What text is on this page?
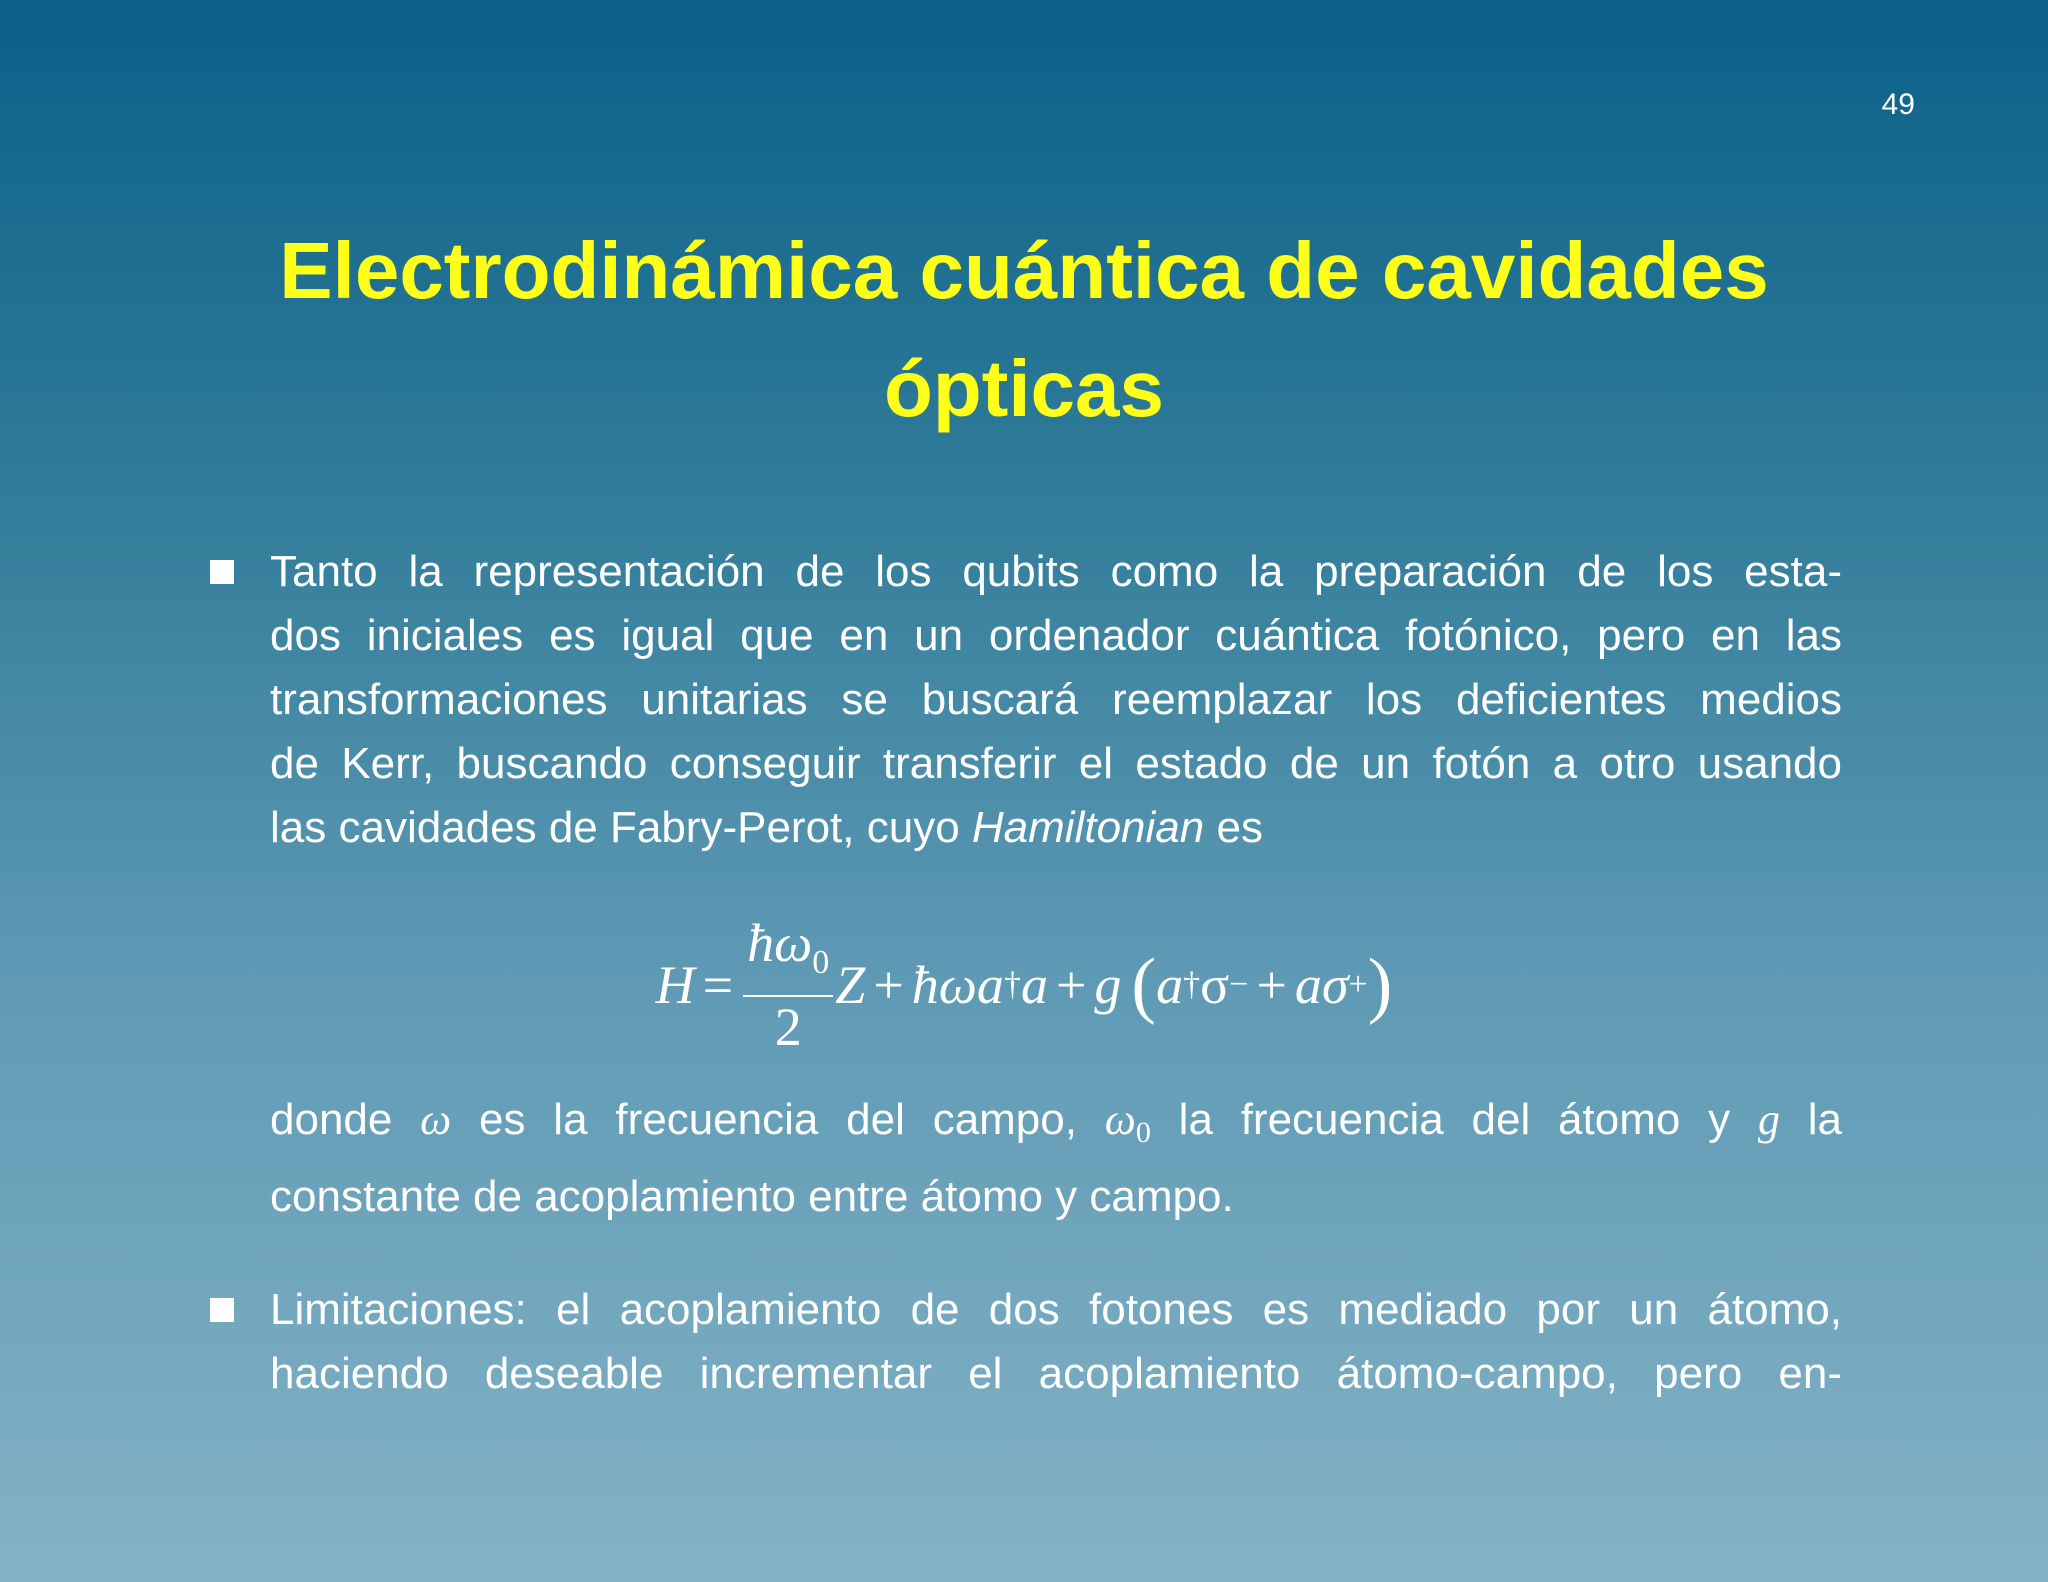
49
Electrodinámica cuántica de cavidades
ópticas
Tanto la representación de los qubits como la preparación de los esta-
dos iniciales es igual que en un ordenador cuántica fotónico, pero en las
transformaciones unitarias se buscará reemplazar los deficientes medios
de Kerr, buscando conseguir transferir el estado de un fotón a otro usando
las cavidades de Fabry-Perot, cuyo Hamiltonian es
$H = \frac{ħ\omega_0}{2}$ Z + ħωa † a + g ( a † σ − + aσ + )
donde ω es la frecuencia del campo, $\omega_0$ la frecuencia del átomo y g la
constante de acoplamiento entre átomo y campo.
Limitaciones: el acoplamiento de dos fotones es mediado por un átomo,
haciendo deseable incrementar el acoplamiento átomo-campo, pero en-
